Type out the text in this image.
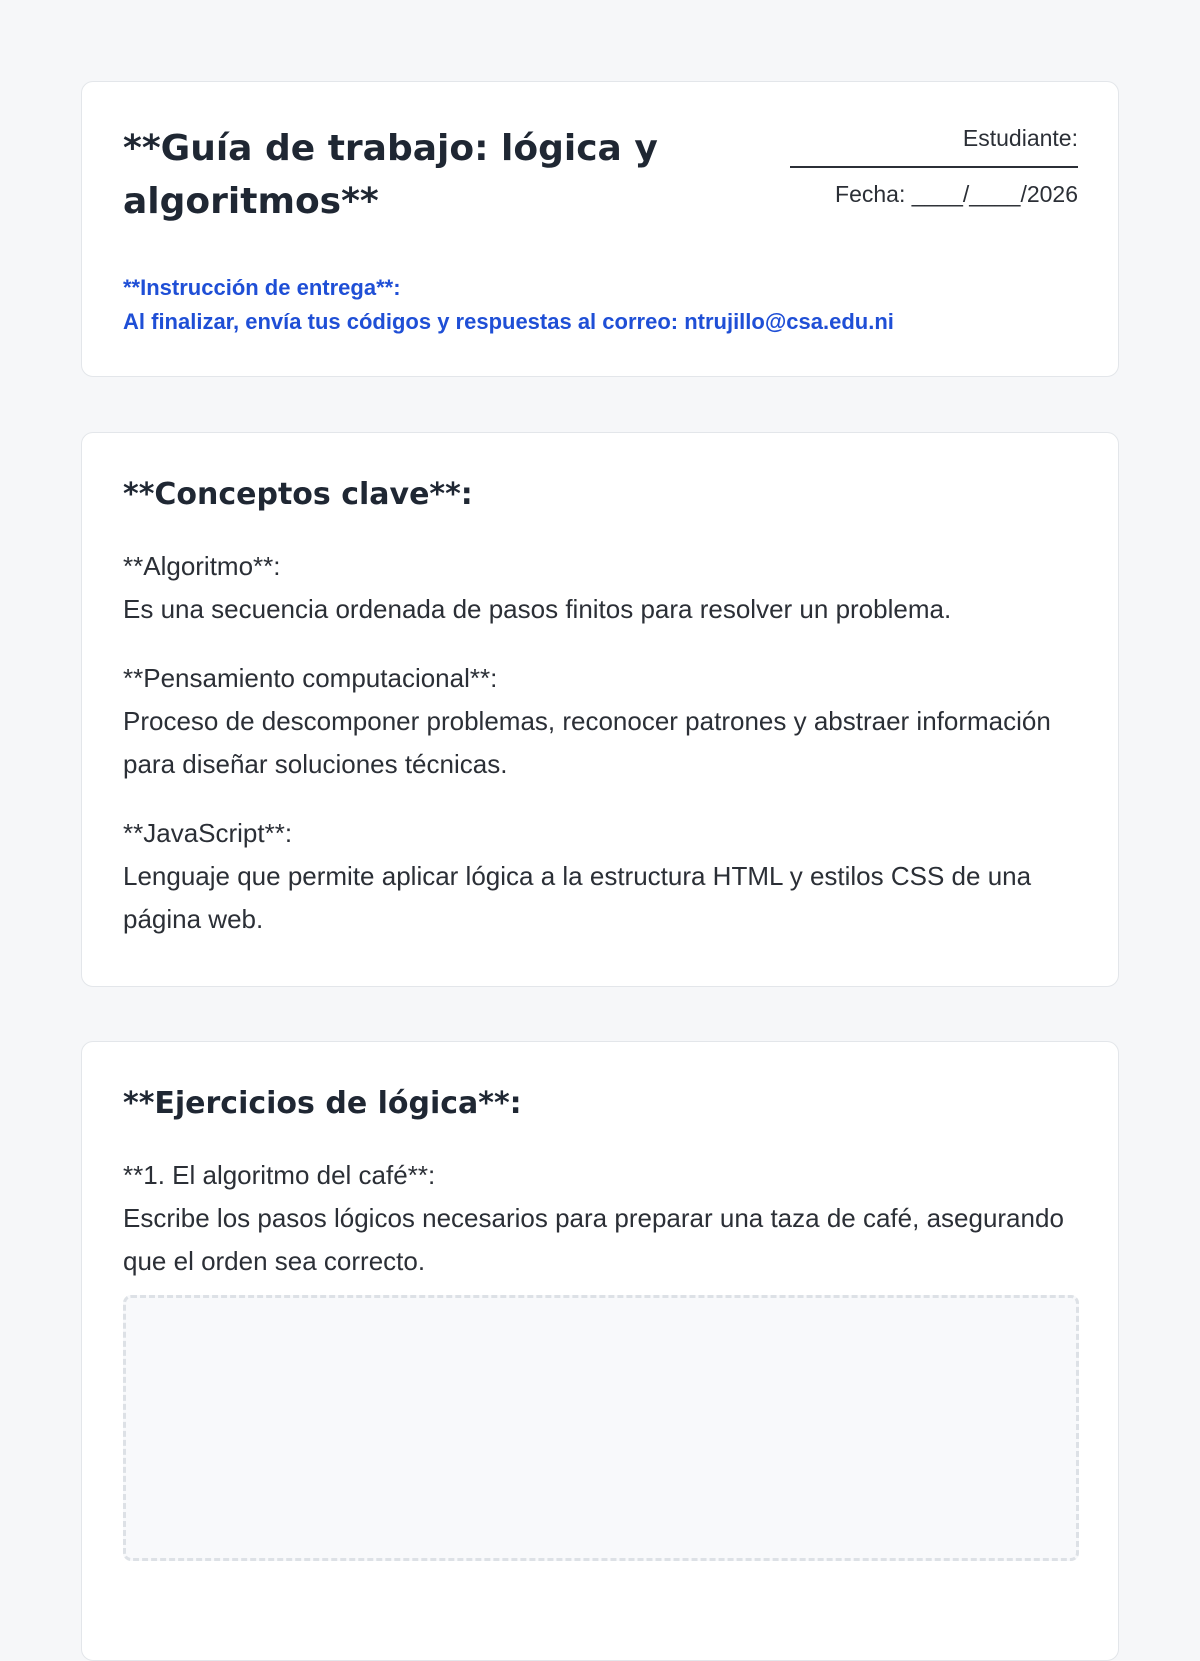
**Guía de trabajo: lógica y algoritmos**
Estudiante:
Fecha: ____/____/2026
**Instrucción de entrega**:
Al finalizar, envía tus códigos y respuestas al correo: ntrujillo@csa.edu.ni
**Conceptos clave**:
**Algoritmo**:
Es una secuencia ordenada de pasos finitos para resolver un problema.
**Pensamiento computacional**:
Proceso de descomponer problemas, reconocer patrones y abstraer información para diseñar soluciones técnicas.
**JavaScript**:
Lenguaje que permite aplicar lógica a la estructura HTML y estilos CSS de una página web.
**Ejercicios de lógica**:
**1. El algoritmo del café**:
Escribe los pasos lógicos necesarios para preparar una taza de café, asegurando que el orden sea correcto.
